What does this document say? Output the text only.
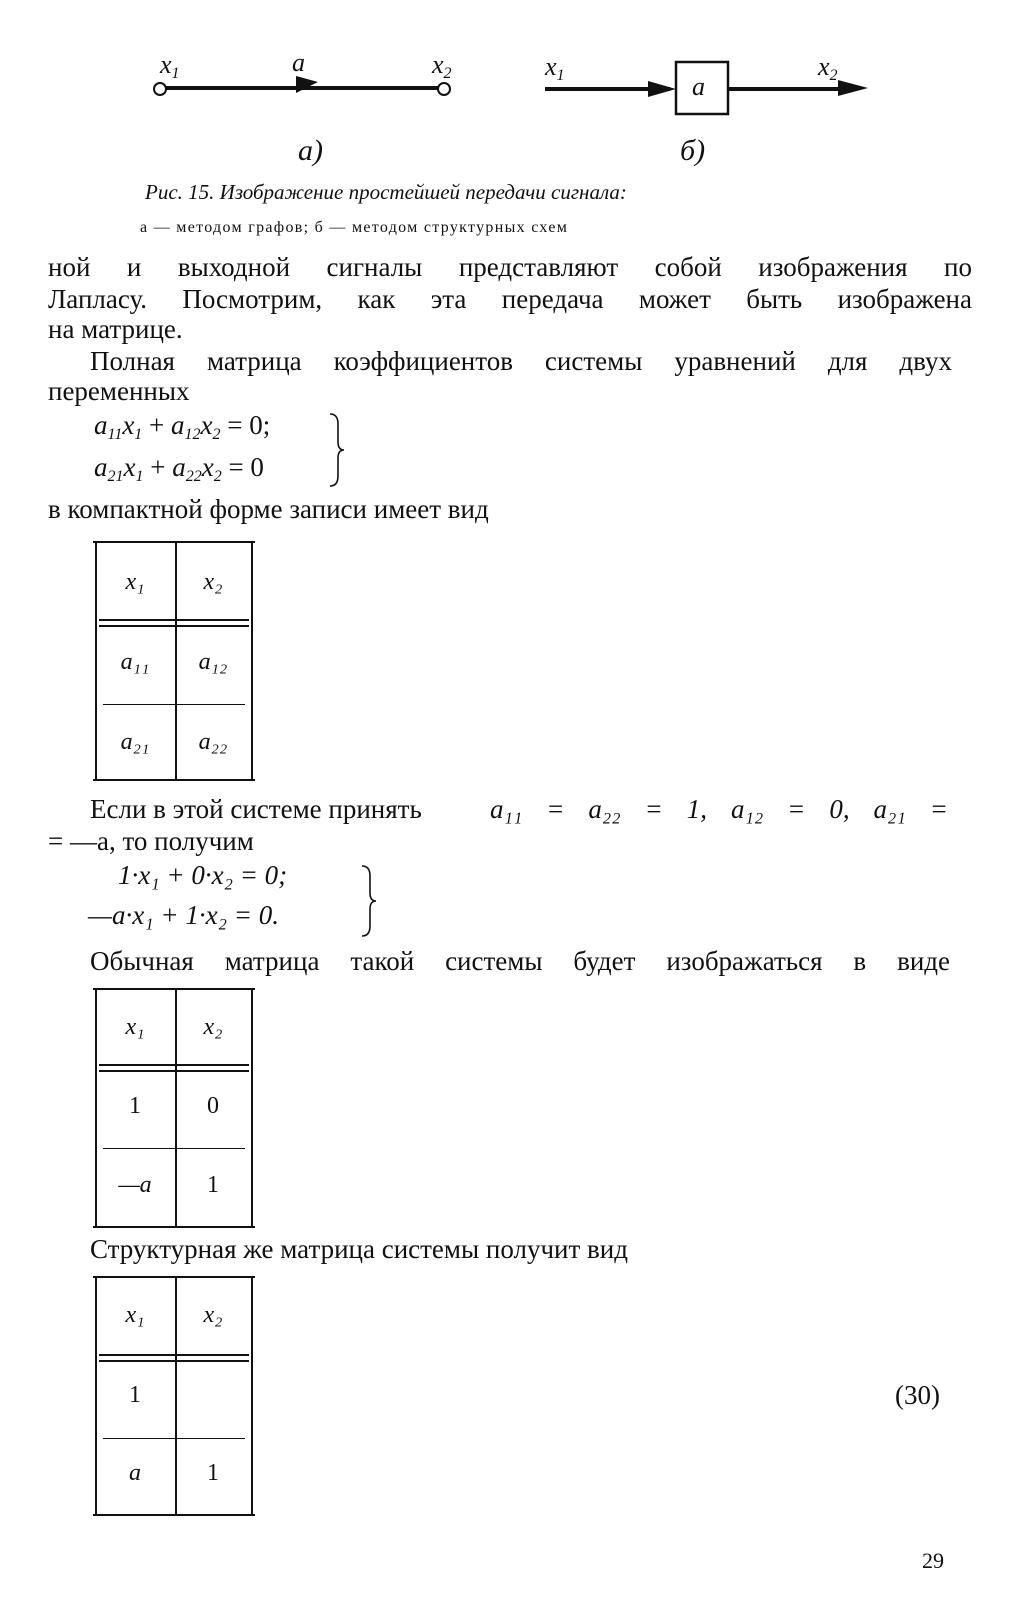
$x_1$	a	$x_2$
a)
$x_1$	a
$x_2$
б)
Рис. 15. Изображение простейшей передачи сигнала:
а — методом графов; б — методом структурных схем
ной и выходной сигналы представляют собой изображения по
Лапласу. Посмотрим, как эта передача может быть изображена
на матрице.
Полная матрица коэффициентов системы уравнений для двух
переменных
$a_{11}x_1 + a_{12}x_2 = 0$;
$a_{21}x_1 + a_{22}x_2 = 0$
в компактной форме записи имеет вид
x₁	x₂
a₁₁	a₁₂
a₂₁	a₂₂
Если в этой системе принять	a₁₁ = a₂₂ = 1, a₁₂ = 0, a₂₁ =
= —a, то получим
1·x₁ + 0·x₂ = 0;
—a·x₁ + 1·x₂ = 0.
Обычная матрица такой системы будет изображаться в виде
x₁	x₂
1	0
—a	1
Структурная же матрица системы получит вид
x₁	x₂
1
a	1
(30)
29
